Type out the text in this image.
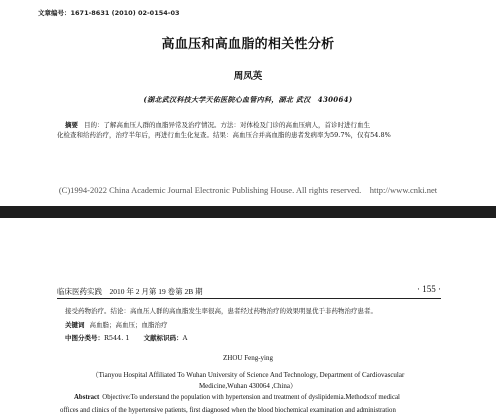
文章编号：1671-8631 (2010) 02-0154-03
高血压和高血脂的相关性分析
周凤英
(湖北武汉科技大学天佑医院心血管内科，湖北 武汉　430064)
摘要 目的：了解高血压人群的血脂异常及治疗情况。方法：对体检及门诊的高血压病人，首诊时进行血生
化检查和给药治疗，治疗半年后，再进行血生化复查。结果：高血压合并高血脂的患者发病率为59.7%，仅有54.8%
(C)1994-2022 China Academic Journal Electronic Publishing House. All rights reserved.　http://www.cnki.net
临床医药实践　2010 年 2 月第 19 卷第 2B 期	· 155 ·
接受药物治疗。结论：高血压人群的高血脂发生率很高，患者经过药物治疗的效果明显优于非药物治疗患者。
关键词 高血脂；高血压；血脂治疗
中图分类号：R544. 1 文献标识码：A
ZHOU Feng-ying
（Tianyou Hospital Affiliated To Wuhan University of Science And Technology, Department of Cardiovascular
Medicine,Wuhan 430064 ,China）
Abstract Objective:To understand the population with hypertension and treatment of dyslipidemia.Methods:of medical
offices and clinics of the hypertensive patients, first diagnosed when the blood biochemical examination and administration
